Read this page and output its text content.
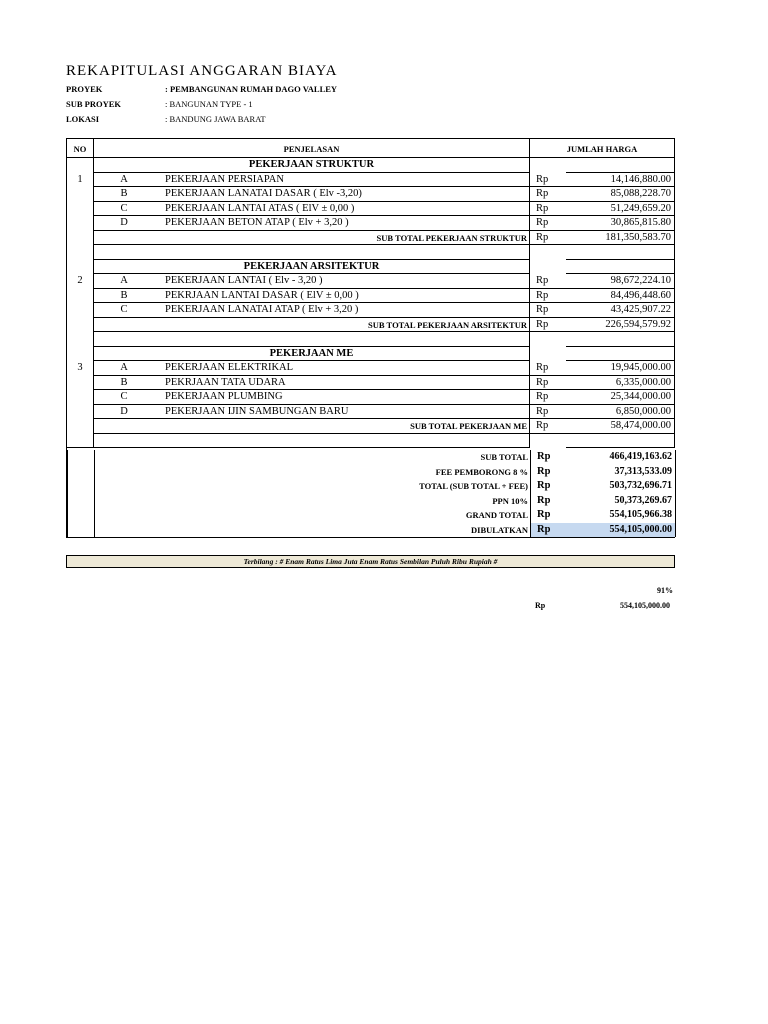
REKAPITULASI ANGGARAN BIAYA
PROYEK	: PEMBANGUNAN RUMAH DAGO VALLEY
SUB PROYEK	: BANGUNAN TYPE - 1
LOKASI	: BANDUNG JAWA BARAT
NO	PENJELASAN	JUMLAH HARGA
PEKERJAAN STRUKTUR
1	A	PEKERJAAN PERSIAPAN	Rp	14,146,880.00
B	PEKERJAAN LANATAI DASAR ( Elv -3,20)	Rp	85,088,228.70
C	PEKERJAAN LANTAI ATAS ( ElV ± 0,00 )	Rp	51,249,659.20
D	PEKERJAAN BETON ATAP ( Elv + 3,20 )	Rp	30,865,815.80
SUB TOTAL PEKERJAAN STRUKTUR Rp	181,350,583.70
PEKERJAAN ARSITEKTUR
2	A	PEKERJAAN LANTAI ( Elv - 3,20 )	Rp	98,672,224.10
B	PEKRJAAN LANTAI DASAR ( ElV ± 0,00 )	Rp	84,496,448.60
C	PEKERJAAN LANATAI ATAP ( Elv + 3,20 )	Rp	43,425,907.22
SUB TOTAL PEKERJAAN ARSITEKTUR Rp	226,594,579.92
PEKERJAAN ME
3	A	PEKERJAAN ELEKTRIKAL	Rp	19,945,000.00
B	PEKRJAAN TATA UDARA	Rp	6,335,000.00
C	PEKERJAAN PLUMBING	Rp	25,344,000.00
D	PEKERJAAN IJIN SAMBUNGAN BARU	Rp	6,850,000.00
SUB TOTAL PEKERJAAN ME Rp	58,474,000.00
SUB TOTAL Rp	466,419,163.62
FEE PEMBORONG 8 % Rp	37,313,533.09
TOTAL (SUB TOTAL + FEE) Rp	503,732,696.71
PPN 10% Rp	50,373,269.67
GRAND TOTAL Rp	554,105,966.38
DIBULATKAN Rp	554,105,000.00
Terbilang : # Enam Ratus Lima Juta Enam Ratus Sembilan Puluh Ribu Rupiah #
91%
Rp	554,105,000.00
